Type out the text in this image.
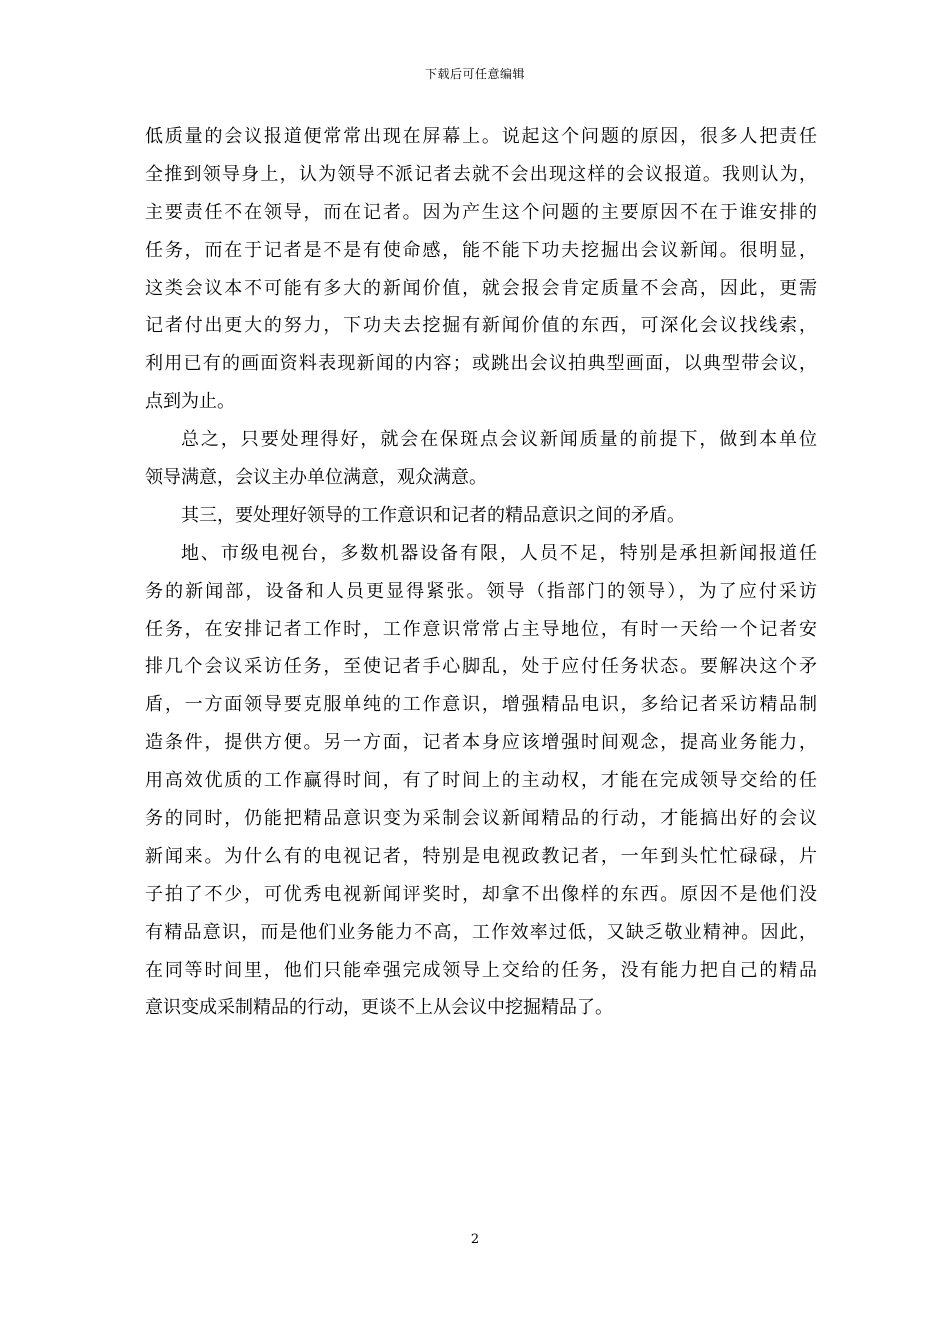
下载后可任意编辑
低质量的会议报道便常常出现在屏幕上。说起这个问题的原因，很多人把责任
全推到领导身上，认为领导不派记者去就不会出现这样的会议报道。我则认为，
主要责任不在领导，而在记者。因为产生这个问题的主要原因不在于谁安排的
任务，而在于记者是不是有使命感，能不能下功夫挖掘出会议新闻。很明显，
这类会议本不可能有多大的新闻价值，就会报会肯定质量不会高，因此，更需
记者付出更大的努力，下功夫去挖掘有新闻价值的东西，可深化会议找线索，
利用已有的画面资料表现新闻的内容；或跳出会议拍典型画面，以典型带会议，
点到为止。
总之，只要处理得好，就会在保斑点会议新闻质量的前提下，做到本单位
领导满意，会议主办单位满意，观众满意。
其三，要处理好领导的工作意识和记者的精品意识之间的矛盾。
地、市级电视台，多数机器设备有限，人员不足，特别是承担新闻报道任
务的新闻部，设备和人员更显得紧张。领导（指部门的领导），为了应付采访
任务，在安排记者工作时，工作意识常常占主导地位，有时一天给一个记者安
排几个会议采访任务，至使记者手心脚乱，处于应付任务状态。要解决这个矛
盾，一方面领导要克服单纯的工作意识，增强精品电识，多给记者采访精品制
造条件，提供方便。另一方面，记者本身应该增强时间观念，提高业务能力，
用高效优质的工作赢得时间，有了时间上的主动权，才能在完成领导交给的任
务的同时，仍能把精品意识变为采制会议新闻精品的行动，才能搞出好的会议
新闻来。为什么有的电视记者，特别是电视政教记者，一年到头忙忙碌碌，片
子拍了不少，可优秀电视新闻评奖时，却拿不出像样的东西。原因不是他们没
有精品意识，而是他们业务能力不高，工作效率过低，又缺乏敬业精神。因此，
在同等时间里，他们只能牵强完成领导上交给的任务，没有能力把自己的精品
意识变成采制精品的行动，更谈不上从会议中挖掘精品了。
2
